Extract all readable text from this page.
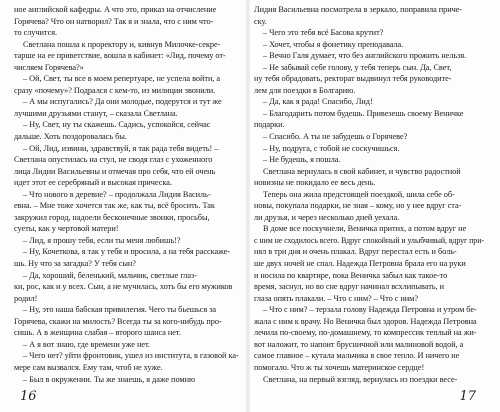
ное английской кафедры. А что это, приказ на отчисление
Горячева? Что он натворил? Так я и знала, что с ним что-
то случится.
Светлана пошла к проректору и, кивнув Милочке-секре-
тарше на ее приветствие, вошла в кабинет: «Лид, почему от-
числяем Горячева?»
– Ой, Свет, ты все в моем репертуаре, не успела войти, а
сразу «почему»? Подрался с кем-то, из милиции звонили.
– А мы испугались? Да они молодые, подерутся и тут же
лучшими друзьями станут, – сказала Светлана.
– Ну, Свет, ну ты скажешь. Садись, успокойся, сейчас
дальше. Хоть поздоровалась бы.
– Ой, Лид, извини, здравствуй, я так рада тебя видеть! –
Светлана опустилась на стул, не сводя глаз с ухоженного
лица Лидии Васильевны и отмечая про себя, что ей очень
идет этот ее серебряный и высокая прическа.
– Что нового в деревне? – продолжала Лидия Василь-
евна. – Мне тоже хочется так же, как ты, всё бросить. Так
закружил город, надоели бесконечные звонки, просьбы,
суеты, как у чертовой матери!
– Лид, я прошу тебя, если ты меня любишь!?
– Ну, Кочеткова, я так у тебя и просила, а на тебя расскаже-
шь. Ну что за загадка? У тебя сын?
– Да, хороший, беленький, мальчик, светлые глаз-
ки, рос, как и у всех. Сын, а не мучилась, хоть бы его мужиков
родил!
– Ну, это наша бабская привилегия. Чего ты бьешься за
Горячева, скажи на милость? Всегда ты за кого-нибудь про-
сишь. А в женщина слабая – второго шанса нет.
– А я вот знаю, где времени уже нет.
– Чего нет? уйти фронтовик, ушел из института, в газовой ка-
мере сам вызвался. Ему там, чтоб не хуже.
– Был в окружении. Ты же знаешь, я даже помню
Лидия Васильевна посмотрела в зеркало, поправила приче-
ску.
– Чего это тебя всё Басова крутит?
– Хочет, чтобы я фонетику преподавала.
– Вечно Галя думает, что без английского прожить нельзя.
– Не забывай себе голову, у тебя теперь сын. Да, Свет,
ну тебя обрадовать, ректорат выдвинул тебя руководите-
лем для поездки в Болгарию.
– Да, как я рада! Спасибо, Лид!
– Благодарить потом будешь. Привезешь своему Веничке
подарки.
– Спасибо. А ты не забудешь о Горячеве?
– Ну, подруга, с тобой не соскучишься.
– Не будешь, я пошла.
Светлана вернулась в свой кабинет, и чувство радостной
новизны не покидало ее весь день.
Теперь она жила предстоящей поездкой, шила себе об-
новы, покупала подарки, не зная – кому, но у нее вдруг ста-
ли друзья, и через несколько дней уехала.
В доме все поскучнели, Веничка притих, а потом вдруг не
с ним не сходилось всего. Вдруг спокойный и улыбчивый, вдруг при-
нял в три дня и очень плакал. Вдруг перестал есть и боль-
ше двух ночей не спал. Надежда Петровна брала его на руки
и носила по квартире, пока Веничка забыл как такое-то
время, заснул, но во сне вдруг начинал всхлипывать, и
глаза опять плакали. – Что с ним? – Что с ним?
– Что с ним? – терзала голову Надежда Петровна и утром бе-
жала с ним к врачу. Но Веничка был здоров. Надежда Петровна
лечила по-своему, по-домашнему, то компрессик теплый на жи-
вот наложит, то напоит брусничной или малиновой водой, а
самое главное – кутала мальчика в свое тепло. И ничего не
помогало. Что ж ты хочешь материнское сердце!
Светлана, на первый взгляд, вернулась из поездки весе-
16	17
